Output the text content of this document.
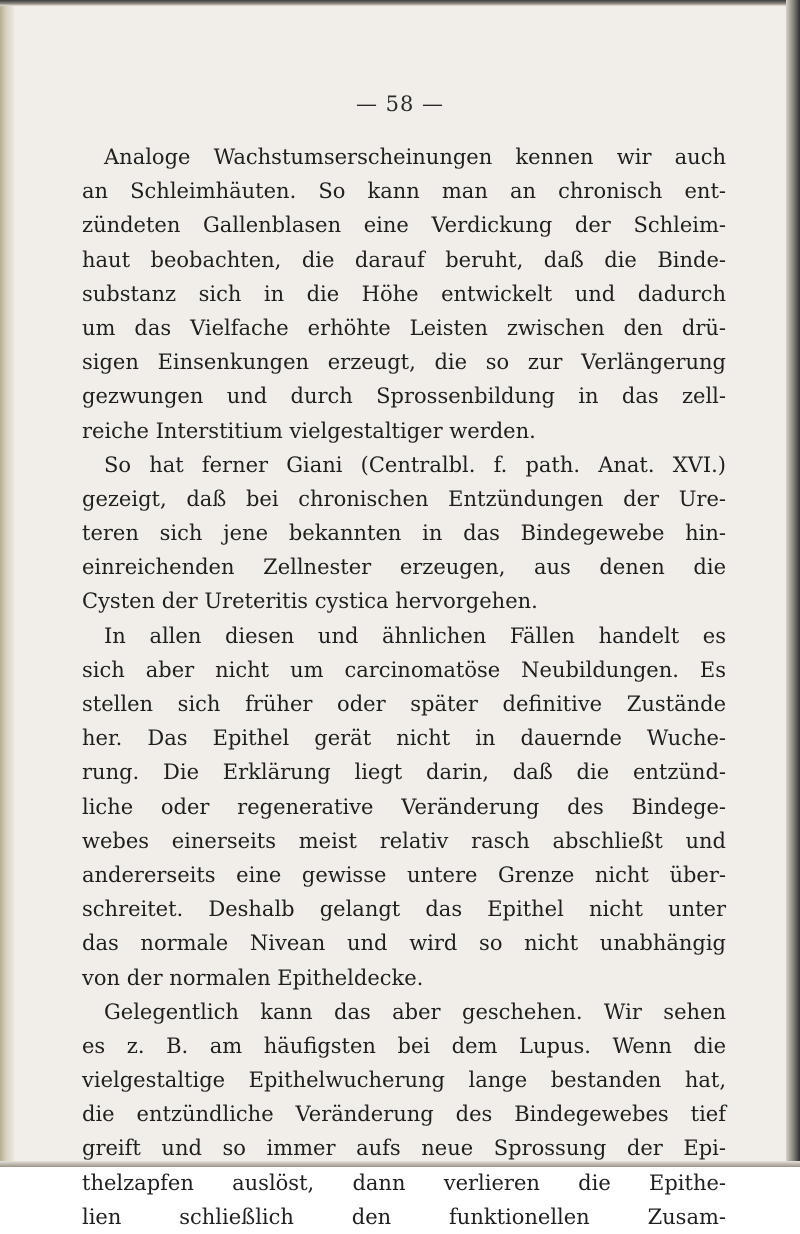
— 58 —
Analoge Wachstumserscheinungen kennen wir auch
an Schleimhäuten. So kann man an chronisch ent-
zündeten Gallenblasen eine Verdickung der Schleim-
haut beobachten, die darauf beruht, daß die Binde-
substanz sich in die Höhe entwickelt und dadurch
um das Vielfache erhöhte Leisten zwischen den drü-
sigen Einsenkungen erzeugt, die so zur Verlängerung
gezwungen und durch Sprossenbildung in das zell-
reiche Interstitium vielgestaltiger werden.
So hat ferner Giani (Centralbl. f. path. Anat. XVI.)
gezeigt, daß bei chronischen Entzündungen der Ure-
teren sich jene bekannten in das Bindegewebe hin-
einreichenden Zellnester erzeugen, aus denen die
Cysten der Ureteritis cystica hervorgehen.
In allen diesen und ähnlichen Fällen handelt es
sich aber nicht um carcinomatöse Neubildungen. Es
stellen sich früher oder später definitive Zustände
her. Das Epithel gerät nicht in dauernde Wuche-
rung. Die Erklärung liegt darin, daß die entzünd-
liche oder regenerative Veränderung des Bindege-
webes einerseits meist relativ rasch abschließt und
andererseits eine gewisse untere Grenze nicht über-
schreitet. Deshalb gelangt das Epithel nicht unter
das normale Nivean und wird so nicht unabhängig
von der normalen Epitheldecke.
Gelegentlich kann das aber geschehen. Wir sehen
es z. B. am häufigsten bei dem Lupus. Wenn die
vielgestaltige Epithelwucherung lange bestanden hat,
die entzündliche Veränderung des Bindegewebes tief
greift und so immer aufs neue Sprossung der Epi-
thelzapfen auslöst, dann verlieren die Epithe-
lien schließlich den funktionellen Zusam-
